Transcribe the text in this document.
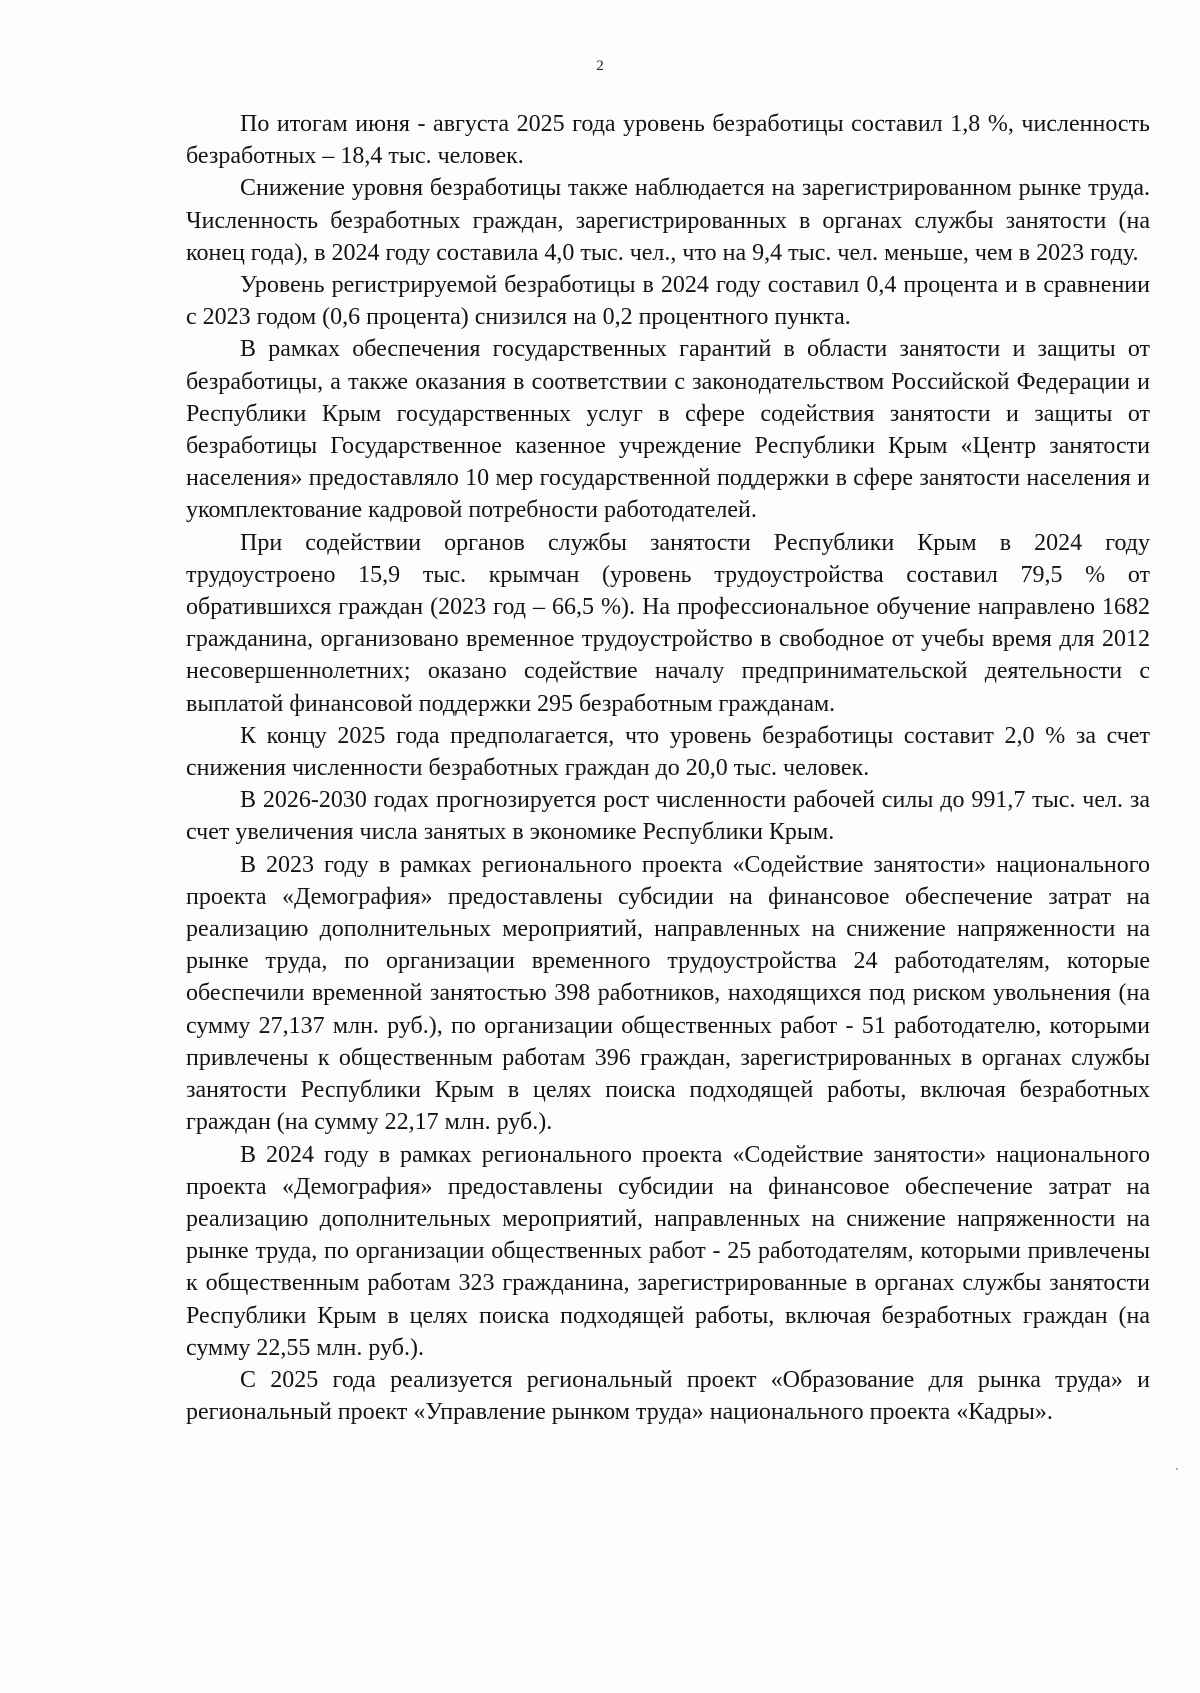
2

По итогам июня - августа 2025 года уровень безработицы составил 1,8 %, численность безработных – 18,4 тыс. человек.

Снижение уровня безработицы также наблюдается на зарегистрированном рынке труда. Численность безработных граждан, зарегистрированных в органах службы занятости (на конец года), в 2024 году составила 4,0 тыс. чел., что на 9,4 тыс. чел. меньше, чем в 2023 году.

Уровень регистрируемой безработицы в 2024 году составил 0,4 процента и в сравнении с 2023 годом (0,6 процента) снизился на 0,2 процентного пункта.

В рамках обеспечения государственных гарантий в области занятости и защиты от безработицы, а также оказания в соответствии с законодательством Российской Федерации и Республики Крым государственных услуг в сфере содействия занятости и защиты от безработицы Государственное казенное учреждение Республики Крым «Центр занятости населения» предоставляло 10 мер государственной поддержки в сфере занятости населения и укомплектование кадровой потребности работодателей.

При содействии органов службы занятости Республики Крым в 2024 году трудоустроено 15,9 тыс. крымчан (уровень трудоустройства составил 79,5 % от обратившихся граждан (2023 год – 66,5 %). На профессиональное обучение направлено 1682 гражданина, организовано временное трудоустройство в свободное от учебы время для 2012 несовершеннолетних; оказано содействие началу предпринимательской деятельности с выплатой финансовой поддержки 295 безработным гражданам.

К концу 2025 года предполагается, что уровень безработицы составит 2,0 % за счет снижения численности безработных граждан до 20,0 тыс. человек.

В 2026-2030 годах прогнозируется рост численности рабочей силы до 991,7 тыс. чел. за счет увеличения числа занятых в экономике Республики Крым.

В 2023 году в рамках регионального проекта «Содействие занятости» национального проекта «Демография» предоставлены субсидии на финансовое обеспечение затрат на реализацию дополнительных мероприятий, направленных на снижение напряженности на рынке труда, по организации временного трудоустройства 24 работодателям, которые обеспечили временной занятостью 398 работников, находящихся под риском увольнения (на сумму 27,137 млн. руб.), по организации общественных работ - 51 работодателю, которыми привлечены к общественным работам 396 граждан, зарегистрированных в органах службы занятости Республики Крым в целях поиска подходящей работы, включая безработных граждан (на сумму 22,17 млн. руб.).

В 2024 году в рамках регионального проекта «Содействие занятости» национального проекта «Демография» предоставлены субсидии на финансовое обеспечение затрат на реализацию дополнительных мероприятий, направленных на снижение напряженности на рынке труда, по организации общественных работ - 25 работодателям, которыми привлечены к общественным работам 323 гражданина, зарегистрированные в органах службы занятости Республики Крым в целях поиска подходящей работы, включая безработных граждан (на сумму 22,55 млн. руб.).

С 2025 года реализуется региональный проект «Образование для рынка труда» и региональный проект «Управление рынком труда» национального проекта «Кадры».
